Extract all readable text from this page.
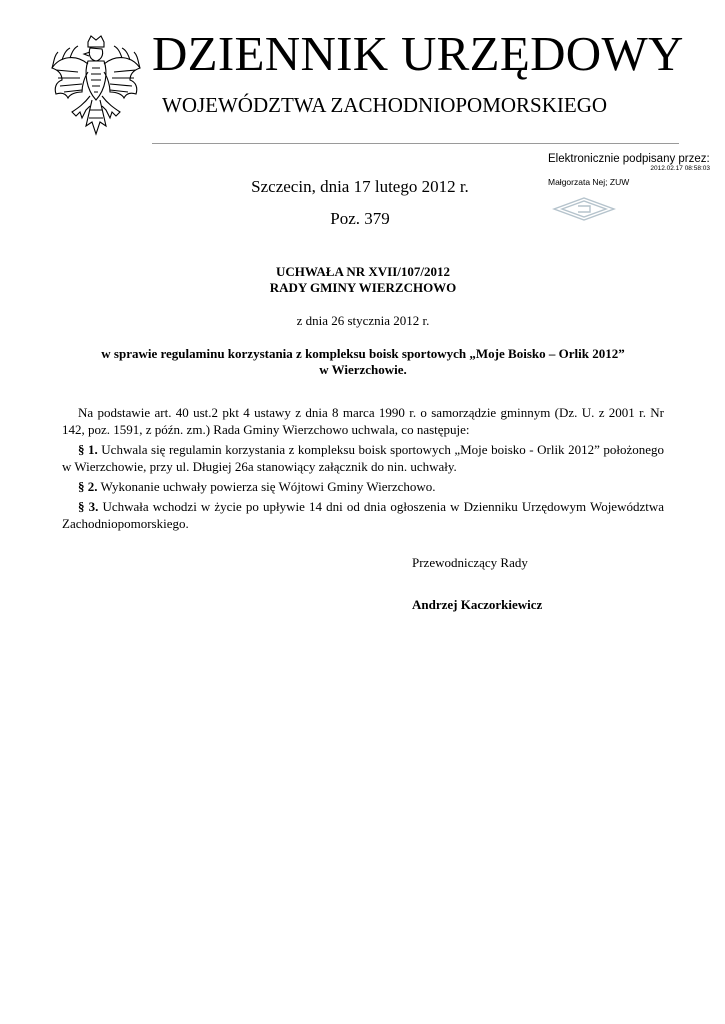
DZIENNIK URZĘDOWY
WOJEWÓDZTWA ZACHODNIOPOMORSKIEGO
Elektronicznie podpisany przez:
2012.02.17 08:58:03
Małgorzata Nej; ZUW
Szczecin, dnia 17 lutego 2012 r.
Poz. 379
UCHWAŁA NR XVII/107/2012
RADY GMINY WIERZCHOWO
z dnia 26 stycznia 2012 r.
w sprawie regulaminu korzystania z kompleksu boisk sportowych „Moje Boisko – Orlik 2012”
w Wierzchowie.

Na podstawie art. 40 ust.2 pkt 4 ustawy z dnia 8 marca 1990 r. o samorządzie gminnym (Dz. U. z 2001 r. Nr 142, poz. 1591, z późn. zm.) Rada Gminy Wierzchowo uchwala, co następuje:

§ 1. Uchwala się regulamin korzystania z kompleksu boisk sportowych „Moje boisko - Orlik 2012” położonego w Wierzchowie, przy ul. Długiej 26a stanowiący załącznik do nin. uchwały.

§ 2. Wykonanie uchwały powierza się Wójtowi Gminy Wierzchowo.

§ 3. Uchwała wchodzi w życie po upływie 14 dni od dnia ogłoszenia w Dzienniku Urzędowym Województwa Zachodniopomorskiego.

Przewodniczący Rady
Andrzej Kaczorkiewicz
